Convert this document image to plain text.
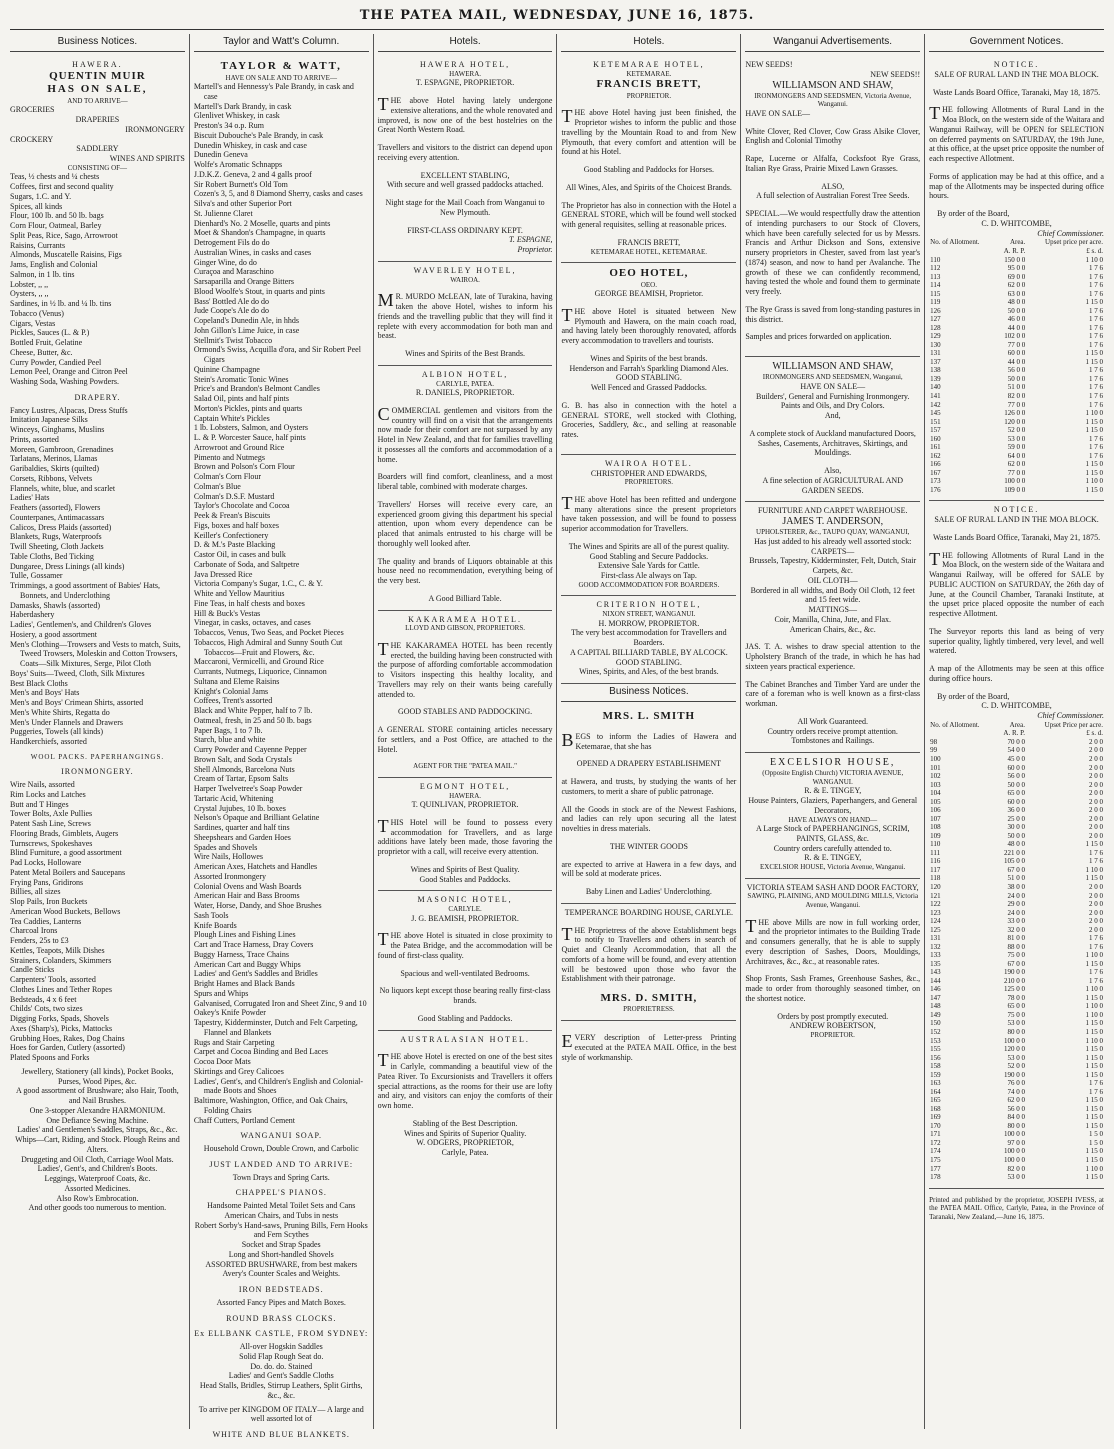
THE PATEA MAIL, WEDNESDAY, JUNE 16, 1875.
Business Notices.
HAWERA.
QUENTIN MUIR
HAS ON SALE,
AND TO ARRIVE—
GROCERIES
DRAPERIES
IRONMONGERY
CROCKERY
SADDLERY
WINES AND SPIRITS
CONSISTING OF—
Teas, ½ chests and ¼ chests
Coffees, first and second quality
Sugars, 1.C. and Y.
Spices, all kinds
Flour, 100 lb. and 50 lb. bags
Corn Flour, Oatmeal, Barley
Split Peas, Rice, Sago, Arrowroot
Raisins, Currants
Almonds, Muscatelle Raisins, Figs
Jams, English and Colonial
Salmon, in 1 lb. tins
Lobster, ,, ,,
Oysters, ,, ,,
Sardines, in ½ lb. and ¼ lb. tins
Tobacco (Venus)
Cigars, Vestas
Pickles, Sauces (L. & P.)
Bottled Fruit, Gelatine
Cheese, Butter, &c.
Curry Powder, Candied Peel
Lemon Peel, Orange and Citron Peel
Washing Soda, Washing Powders.
DRAPERY.
Fancy Lustres, Alpacas, Dress Stuffs
Imitation Japanese Silks
Winceys, Ginghams, Muslins
Prints, assorted
Moreen, Gambroon, Grenadines
Tarlatans, Merinos, Llamas
Garibaldies, Skirts (quilted)
Corsets, Ribbons, Velvets
Flannels, white, blue, and scarlet
Ladies' Hats
Feathers (assorted), Flowers
Counterpanes, Antimacassars
Calicos, Dress Plaids (assorted)
Blankets, Rugs, Waterproofs
Twill Sheeting, Cloth Jackets
Table Cloths, Bed Ticking
Dungaree, Dress Linings (all kinds)
Tulle, Gossamer
Trimmings, a good assortment of Babies' Hats, Bonnets, and Underclothing
Damasks, Shawls (assorted)
Haberdashery
Ladies', Gentlemen's, and Children's Gloves
Hosiery, a good assortment
Men's Clothing—Trowsers and Vests to match, Suits, Tweed Trowsers, Moleskin and Cotton Trowsers, Coats—Silk Mixtures, Serge, Pilot Cloth
Boys' Suits—Tweed, Cloth, Silk Mixtures
Best Black Cloths
Men's and Boys' Hats
Men's and Boys' Crimean Shirts, assorted
Men's White Shirts, Regatta do
Men's Under Flannels and Drawers
Puggeries, Towels (all kinds)
Handkerchiefs, assorted
WOOL PACKS. PAPERHANGINGS.
IRONMONGERY.
Wire Nails, assorted
Rim Locks and Latches
Butt and T Hinges
Tower Bolts, Axle Pullies
Patent Sash Line, Screws
Flooring Brads, Gimblets, Augers
Turnscrews, Spokeshaves
Blind Furniture, a good assortment
Pad Locks, Holloware
Patent Metal Boilers and Saucepans
Frying Pans, Gridirons
Billies, all sizes
Slop Pails, Iron Buckets
American Wood Buckets, Bellows
Tea Caddies, Lanterns
Charcoal Irons
Fenders, 25s to £3
Kettles, Teapots, Milk Dishes
Strainers, Colanders, Skimmers
Candle Sticks
Carpenters' Tools, assorted
Clothes Lines and Tether Ropes
Bedsteads, 4 x 6 feet
Childs' Cots, two sizes
Digging Forks, Spads, Shovels
Axes (Sharp's), Picks, Mattocks
Grubbing Hoes, Rakes, Dog Chains
Hoes for Garden, Cutlery (assorted)
Plated Spoons and Forks
Jewellery, Stationery (all kinds), Pocket Books, Purses, Wood Pipes, &c.
A good assortment of Brushware; also Hair, Tooth, and Nail Brushes.
One 3-stopper Alexandre HARMONIUM.
One Defiance Sewing Machine.
Ladies' and Gentlemen's Saddles, Straps, &c., &c.
Whips—Cart, Riding, and Stock. Plough Reins and Alters.
Druggeting and Oil Cloth, Carriage Wool Mats.
Ladies', Gent's, and Children's Boots.
Leggings, Waterproof Coats, &c.
Assorted Medicines.
Also Row's Embrocation.
And other goods too numerous to mention.
Taylor and Watt's Column.
TAYLOR & WATT,
HAVE ON SALE AND TO ARRIVE—
Martell's and Hennessy's Pale Brandy, in cask and case
Martell's Dark Brandy, in cask
Glenlivet Whiskey, in cask
Preston's 34 o.p. Rum
Biscuit Dubouche's Pale Brandy, in cask
Dunedin Whiskey, in cask and case
Dunedin Geneva
Wolfe's Aromatic Schnapps
J.D.K.Z. Geneva, 2 and 4 galls proof
Sir Robert Burnett's Old Tom
Cozen's 3, 5, and 8 Diamond Sherry, casks and cases
Silva's and other Superior Port
St. Julienne Claret
Dienhard's No. 2 Moselle, quarts and pints
Moet & Shandon's Champagne, in quarts
Detrogement Fils do do
Australian Wines, in casks and cases
Ginger Wine, do do
Curaçoa and Maraschino
Sarsaparilla and Orange Bitters
Blood Woolfe's Stout, in quarts and pints
Bass' Bottled Ale do do
Jude Coope's Ale do do
Copeland's Dunedin Ale, in hhds
John Gillon's Lime Juice, in case
Stellmit's Twist Tobacco
Ormond's Swiss, Acquilla d'ora, and Sir Robert Peel Cigars
Quinine Champagne
Stein's Aromatic Tonic Wines
Price's and Brandon's Belmont Candles
Salad Oil, pints and half pints
Morton's Pickles, pints and quarts
Captain White's Pickles
1 lb. Lobsters, Salmon, and Oysters
L. & P. Worcester Sauce, half pints
Arrowroot and Ground Rice
Pimento and Nutmegs
Brown and Polson's Corn Flour
Colman's Corn Flour
Colman's Blue
Colman's D.S.F. Mustard
Taylor's Chocolate and Cocoa
Peek & Frean's Biscuits
Figs, boxes and half boxes
Keiller's Confectionery
D. & M.'s Paste Blacking
Castor Oil, in cases and bulk
Carbonate of Soda, and Saltpetre
Java Dressed Rice
Victoria Company's Sugar, 1.C., C. & Y.
White and Yellow Mauritius
Fine Teas, in half chests and boxes
Hill & Buck's Vestas
Vinegar, in casks, octaves, and cases
Tobaccos, Venus, Two Seas, and Pocket Pieces
Tobaccos, High Admiral and Sunny South Cut Tobaccos—Fruit and Flowers, &c.
Maccaroni, Vermicelli, and Ground Rice
Currants, Nutmegs, Liquorice, Cinnamon
Sultana and Eleme Raisins
Knight's Colonial Jams
Coffees, Trent's assorted
Black and White Pepper, half to 7 lb.
Oatmeal, fresh, in 25 and 50 lb. bags
Paper Bags, 1 to 7 lb.
Starch, blue and white
Curry Powder and Cayenne Pepper
Brown Salt, and Soda Crystals
Shell Almonds, Barcelona Nuts
Cream of Tartar, Epsom Salts
Harper Twelvetree's Soap Powder
Tartaric Acid, Whitening
Crystal Jujubes, 10 lb. boxes
Nelson's Opaque and Brilliant Gelatine
Sardines, quarter and half tins
Sheepshears and Garden Hoes
Spades and Shovels
Wire Nails, Hollowes
American Axes, Hatchets and Handles
Assorted Ironmongery
Colonial Ovens and Wash Boards
American Hair and Bass Brooms
Water, Horse, Dandy, and Shoe Brushes
Sash Tools
Knife Boards
Plough Lines and Fishing Lines
Cart and Trace Harness, Dray Covers
Buggy Harness, Trace Chains
American Cart and Buggy Whips
Ladies' and Gent's Saddles and Bridles
Bright Hames and Black Bands
Spurs and Whips
Galvanised, Corrugated Iron and Sheet Zinc, 9 and 10
Oakey's Knife Powder
Tapestry, Kidderminster, Dutch and Felt Carpeting, Flannel and Blankets
Rugs and Stair Carpeting
Carpet and Cocoa Binding and Bed Laces
Cocoa Door Mats
Skirtings and Grey Calicoes
Ladies', Gent's, and Children's English and Colonial-made Boots and Shoes
Baltimore, Washington, Office, and Oak Chairs, Folding Chairs
Chaff Cutters, Portland Cement
WANGANUI SOAP.
Household Crown, Double Crown, and Carbolic
JUST LANDED AND TO ARRIVE:
Town Drays and Spring Carts.
CHAPPEL'S PIANOS.
Handsome Painted Metal Toilet Sets and Cans
American Chairs, and Tubs in nests
Robert Sorby's Hand-saws, Pruning Bills, Fern Hooks and Fern Scythes
Socket and Strap Spades
Long and Short-handled Shovels
ASSORTED BRUSHWARE, from best makers
Avery's Counter Scales and Weights.
IRON BEDSTEADS.
Assorted Fancy Pipes and Match Boxes.
ROUND BRASS CLOCKS.
Ex ELLBANK CASTLE, FROM SYDNEY:
All-over Hogskin Saddles
Solid Flap Rough Seat do.
Do. do. do. Stained
Ladies' and Gent's Saddle Cloths
Head Stalls, Bridles, Stirrup Leathers, Split Girths, &c., &c.
To arrive per KINGDOM OF ITALY— A large and well assorted lot of
WHITE AND BLUE BLANKETS.
Hotels.
HAWERA HOTEL,
HAWERA.
T. ESPAGNE, PROPRIETOR.

THE above Hotel having lately undergone extensive alterations, and the whole renovated and improved, is now one of the best hostelries on the Great North Western Road.

Travellers and visitors to the district can depend upon receiving every attention.

EXCELLENT STABLING,
With secure and well grassed paddocks attached.

Night stage for the Mail Coach from Wanganui to New Plymouth.

FIRST-CLASS ORDINARY KEPT.
T. ESPAGNE,
Proprietor.
WAVERLEY HOTEL,
WAIROA.

MR. MURDO McLEAN, late of Turakina, having taken the above Hotel, wishes to inform his friends and the travelling public that they will find it replete with every accommodation for both man and beast.

Wines and Spirits of the Best Brands.
ALBION HOTEL,
CARLYLE, PATEA.
R. DANIELS, PROPRIETOR.

COMMERCIAL gentlemen and visitors from the country will find on a visit that the arrangements now made for their comfort are not surpassed by any Hotel in New Zealand, and that for families travelling it possesses all the comforts and accommodation of a home.

Boarders will find comfort, cleanliness, and a most liberal table, combined with moderate charges.

Travellers' Horses will receive every care, an experienced groom giving this department his special attention, upon whom every dependence can be placed that animals entrusted to his charge will be thoroughly well looked after.

The quality and brands of Liquors obtainable at this house need no recommendation, everything being of the very best.

A Good Billiard Table.
KAKARAMEA HOTEL.
LLOYD AND GIBSON, PROPRIETORS.

THE KAKARAMEA HOTEL has been recently erected, the building having been constructed with the purpose of affording comfortable accommodation to Visitors inspecting this healthy locality, and Travellers may rely on their wants being carefully attended to.

GOOD STABLES AND PADDOCKING.

A GENERAL STORE containing articles necessary for settlers, and a Post Office, are attached to the Hotel.

AGENT FOR THE "PATEA MAIL."
EGMONT HOTEL,
HAWERA.
T. QUINLIVAN, PROPRIETOR.

THIS Hotel will be found to possess every accommodation for Travellers, and as large additions have lately been made, those favoring the proprietor with a call, will receive every attention.

Wines and Spirits of Best Quality.
Good Stables and Paddocks.
MASONIC HOTEL,
CARLYLE.
J. G. BEAMISH, PROPRIETOR.

THE above Hotel is situated in close proximity to the Patea Bridge, and the accommodation will be found of first-class quality.

Spacious and well-ventilated Bedrooms.

No liquors kept except those bearing really first-class brands.

Good Stabling and Paddocks.
AUSTRALASIAN HOTEL.

THE above Hotel is erected on one of the best sites in Carlyle, commanding a beautiful view of the Patea River. To Excursionists and Travellers it offers special attractions, as the rooms for their use are lofty and airy, and visitors can enjoy the comforts of their own home.

Stabling of the Best Description.
Wines and Spirits of Superior Quality.
W. ODGERS, PROPRIETOR,
Carlyle, Patea.
Hotels.
KETEMARAE HOTEL,
KETEMARAE.
FRANCIS BRETT,
PROPRIETOR.

THE above Hotel having just been finished, the Proprietor wishes to inform the public and those travelling by the Mountain Road to and from New Plymouth, that every comfort and attention will be found at his Hotel.

Good Stabling and Paddocks for Horses.

All Wines, Ales, and Spirits of the Choicest Brands.

The Proprietor has also in connection with the Hotel a GENERAL STORE, which will be found well stocked with general requisites, selling at reasonable prices.

FRANCIS BRETT,
KETEMARAE HOTEL, KETEMARAE.
OEO HOTEL,
OEO.
GEORGE BEAMISH, Proprietor.

THE above Hotel is situated between New Plymouth and Hawera, on the main coach road, and having lately been thoroughly renovated, affords every accommodation to travellers and tourists.

Wines and Spirits of the best brands.
Henderson and Farrah's Sparkling Diamond Ales.
GOOD STABLING.
Well Fenced and Grassed Paddocks.

G. B. has also in connection with the hotel a GENERAL STORE, well stocked with Clothing, Groceries, Saddlery, &c., and selling at reasonable rates.

WAIROA HOTEL.
CHRISTOPHER AND EDWARDS,
PROPRIETORS.

THE above Hotel has been refitted and undergone many alterations since the present proprietors have taken possession, and will be found to possess superior accommodation for Travellers.

The Wines and Spirits are all of the purest quality.
Good Stabling and Secure Paddocks.
Extensive Sale Yards for Cattle.
First-class Ale always on Tap.
GOOD ACCOMMODATION FOR BOARDERS.
CRITERION HOTEL,
NIXON STREET, WANGANUI.
H. MORROW, PROPRIETOR.
The very best accommodation for Travellers and Boarders.
A CAPITAL BILLIARD TABLE, BY ALCOCK.
GOOD STABLING.
Wines, Spirits, and Ales, of the best brands.
Business Notices.
MRS. L. SMITH

BEGS to inform the Ladies of Hawera and Ketemarae, that she has

OPENED A DRAPERY ESTABLISHMENT

at Hawera, and trusts, by studying the wants of her customers, to merit a share of public patronage.

All the Goods in stock are of the Newest Fashions, and ladies can rely upon securing all the latest novelties in dress materials.

THE WINTER GOODS

are expected to arrive at Hawera in a few days, and will be sold at moderate prices.

Baby Linen and Ladies' Underclothing.
TEMPERANCE BOARDING HOUSE, CARLYLE.

THE Proprietress of the above Establishment begs to notify to Travellers and others in search of Quiet and Cleanly Accommodation, that all the comforts of a home will be found, and every attention will be bestowed upon those who favor the Establishment with their patronage.

MRS. D. SMITH,
PROPRIETRESS.

EVERY description of Letter-press Printing executed at the PATEA MAIL Office, in the best style of workmanship.

Wanganui Advertisements.
NEW SEEDS!
NEW SEEDS!!
WILLIAMSON AND SHAW,
IRONMONGERS AND SEEDSMEN, Victoria Avenue, Wanganui.
HAVE ON SALE—

White Clover, Red Clover, Cow Grass Alsike Clover, English and Colonial Timothy

Rape, Lucerne or Alfalfa, Cocksfoot Rye Grass, Italian Rye Grass, Prairie Mixed Lawn Grasses.

ALSO,
A full selection of Australian Forest Tree Seeds.

SPECIAL.—We would respectfully draw the attention of intending purchasers to our Stock of Clovers, which have been carefully selected for us by Messrs. Francis and Arthur Dickson and Sons, extensive nursery proprietors in Chester, saved from last year's (1874) season, and now to hand per Avalanche. The growth of these we can confidently recommend, having tested the whole and found them to germinate very freely.

The Rye Grass is saved from long-standing pastures in this district.

Samples and prices forwarded on application.

WILLIAMSON AND SHAW,
IRONMONGERS AND SEEDSMEN, Wanganui,
HAVE ON SALE—
Builders', General and Furnishing Ironmongery.
Paints and Oils, and Dry Colors.
And,

A complete stock of Auckland manufactured Doors, Sashes, Casements, Architraves, Skirtings, and Mouldings.

Also,
A fine selection of AGRICULTURAL AND GARDEN SEEDS.
FURNITURE AND CARPET WAREHOUSE.
JAMES T. ANDERSON,
UPHOLSTERER, &c., TAUPO QUAY, WANGANUI,
Has just added to his already well assorted stock:
CARPETS—
Brussels, Tapestry, Kidderminster, Felt, Dutch, Stair Carpets, &c.
OIL CLOTH—
Bordered in all widths, and Body Oil Cloth, 12 feet and 15 feet wide.
MATTINGS—
Coir, Manilla, China, Jute, and Flax.
American Chairs, &c., &c.

JAS. T. A. wishes to draw special attention to the Upholstery Branch of the trade, in which he has had sixteen years practical experience.

The Cabinet Branches and Timber Yard are under the care of a foreman who is well known as a first-class workman.

All Work Guaranteed.
Country orders receive prompt attention.
Tombstones and Railings.
EXCELSIOR HOUSE,
(Opposite English Church) VICTORIA AVENUE, WANGANUI.
R. & E. TINGEY,
House Painters, Glaziers, Paperhangers, and General Decorators,
HAVE ALWAYS ON HAND—
A Large Stock of PAPERHANGINGS, SCRIM, PAINTS, GLASS, &c.
Country orders carefully attended to.
R. & E. TINGEY,
EXCELSIOR HOUSE, Victoria Avenue, Wanganui.
VICTORIA STEAM SASH AND DOOR FACTORY,
SAWING, PLAINING, AND MOULDING MILLS, Victoria Avenue, Wanganui.

THE above Mills are now in full working order, and the proprietor intimates to the Building Trade and consumers generally, that he is able to supply every description of Sashes, Doors, Mouldings, Architraves, &c., &c., at reasonable rates.

Shop Fronts, Sash Frames, Greenhouse Sashes, &c., made to order from thoroughly seasoned timber, on the shortest notice.

Orders by post promptly executed.
ANDREW ROBERTSON,
PROPRIETOR.
Government Notices.
NOTICE.
SALE OF RURAL LAND IN THE MOA BLOCK.

Waste Lands Board Office, Taranaki, May 18, 1875.

THE following Allotments of Rural Land in the Moa Block, on the western side of the Waitara and Wanganui Railway, will be OPEN for SELECTION on deferred payments on SATURDAY, the 19th June, at this office, at the upset price opposite the number of each respective Allotment.

Forms of application may be had at this office, and a map of the Allotments may be inspected during office hours.

By order of the Board,
C. D. WHITCOMBE,
Chief Commissioner.
No. of Allotment.	Area.	Upset price per acre.
	A. R. P.	£ s. d.
110	150 0 0	1 10 0
112	95 0 0	1 7 6
113	69 0 0	1 7 6
114	62 0 0	1 7 6
115	63 0 0	1 7 6
119	48 0 0	1 15 0
126	50 0 0	1 7 6
127	46 0 0	1 7 6
128	44 0 0	1 7 6
129	102 0 0	1 7 6
130	77 0 0	1 7 6
131	60 0 0	1 15 0
137	44 0 0	1 15 0
138	56 0 0	1 7 6
139	50 0 0	1 7 6
140	51 0 0	1 7 6
141	82 0 0	1 7 6
142	77 0 0	1 7 6
145	126 0 0	1 10 0
151	120 0 0	1 15 0
157	52 0 0	1 15 0
160	53 0 0	1 7 6
161	59 0 0	1 7 6
162	64 0 0	1 7 6
166	62 0 0	1 15 0
167	77 0 0	1 15 0
173	100 0 0	1 10 0
176	109 0 0	1 15 0
NOTICE.
SALE OF RURAL LAND IN THE MOA BLOCK.

Waste Lands Board Office, Taranaki, May 21, 1875.

THE following Allotments of Rural Land in the Moa Block, on the western side of the Waitara and Wanganui Railway, will be offered for SALE by PUBLIC AUCTION on SATURDAY, the 26th day of June, at the Council Chamber, Taranaki Institute, at the upset price placed opposite the number of each respective Allotment.

The Surveyor reports this land as being of very superior quality, lightly timbered, very level, and well watered.

A map of the Allotments may be seen at this office during office hours.

By order of the Board,
C. D. WHITCOMBE,
Chief Commissioner.
No. of Allotment.	Area.	Upset Price per acre.
	A. R. P.	£ s. d.
98	70 0 0	2 0 0
99	54 0 0	2 0 0
100	45 0 0	2 0 0
101	60 0 0	2 0 0
102	56 0 0	2 0 0
103	50 0 0	2 0 0
104	65 0 0	2 0 0
105	60 0 0	2 0 0
106	36 0 0	2 0 0
107	25 0 0	2 0 0
108	30 0 0	2 0 0
109	50 0 0	2 0 0
110	48 0 0	1 15 0
111	221 0 0	1 7 6
116	105 0 0	1 7 6
117	67 0 0	1 10 0
118	51 0 0	1 15 0
120	38 0 0	2 0 0
121	24 0 0	2 0 0
122	29 0 0	2 0 0
123	24 0 0	2 0 0
124	33 0 0	2 0 0
125	32 0 0	2 0 0
131	81 0 0	1 7 6
132	88 0 0	1 7 6
133	75 0 0	1 10 0
135	67 0 0	1 15 0
143	190 0 0	1 7 6
144	210 0 0	1 7 6
146	125 0 0	1 10 0
147	78 0 0	1 15 0
148	65 0 0	1 10 0
149	75 0 0	1 10 0
150	53 0 0	1 15 0
152	80 0 0	1 15 0
153	100 0 0	1 10 0
155	120 0 0	1 15 0
156	53 0 0	1 15 0
158	52 0 0	1 15 0
159	190 0 0	1 15 0
163	76 0 0	1 7 6
164	74 0 0	1 7 6
165	62 0 0	1 15 0
168	56 0 0	1 15 0
169	84 0 0	1 15 0
170	80 0 0	1 15 0
171	100 0 0	1 5 0
172	97 0 0	1 5 0
174	100 0 0	1 15 0
175	100 0 0	1 15 0
177	82 0 0	1 10 0
178	53 0 0	1 15 0

Printed and published by the proprietor, JOSEPH IVESS, at the PATEA MAIL Office, Carlyle, Patea, in the Province of Taranaki, New Zealand,—June 16, 1875.
